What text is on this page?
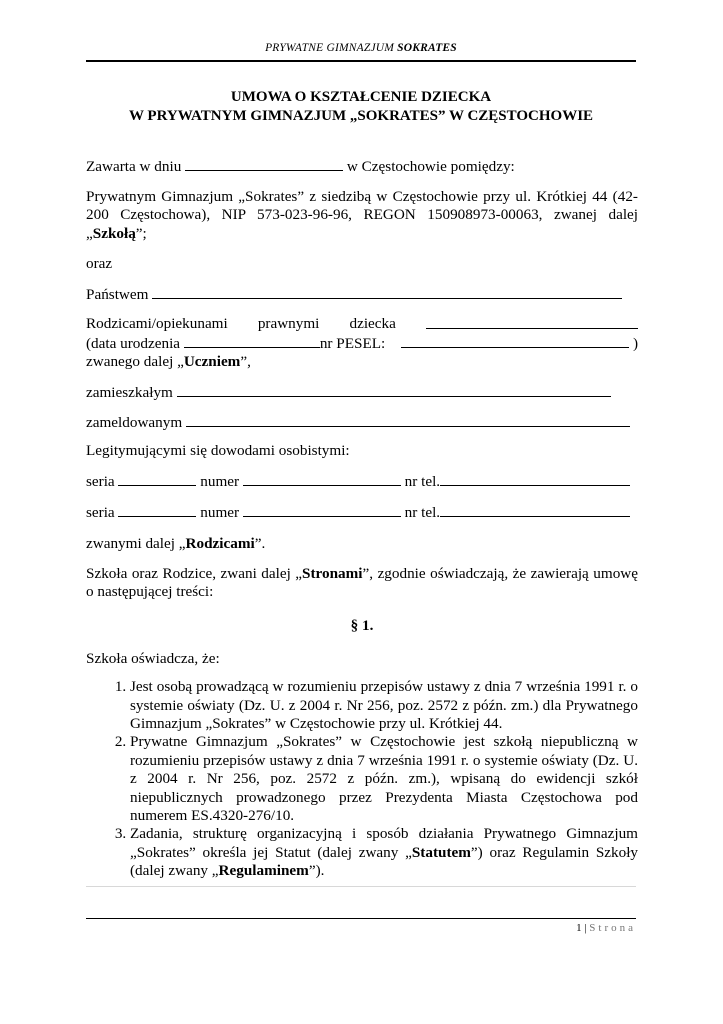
PRYWATNE GIMNAZJUM SOKRATES
UMOWA O KSZTAŁCENIE DZIECKA
W PRYWATNYM GIMNAZJUM „SOKRATES” W CZĘSTOCHOWIE

Zawarta w dniu	w Częstochowie pomiędzy:

Prywatnym Gimnazjum „Sokrates” z siedzibą w Częstochowie przy ul. Krótkiej 44 (42-200 Częstochowa), NIP 573-023-96-96, REGON 150908973-00063, zwanej dalej „Szkołą”;

oraz

Państwem

Rodzicami/opiekunami prawnymi dziecka
(data urodzenia	nr PESEL:	)
zwanego dalej „Uczniem”,

zamieszkałym

zameldowanym

Legitymującymi się dowodami osobistymi:

seria	numer	nr tel.

seria	numer	nr tel.

zwanymi dalej „Rodzicami”.

Szkoła oraz Rodzice, zwani dalej „Stronami”, zgodnie oświadczają, że zawierają umowę o następującej treści:

§ 1.

Szkoła oświadcza, że:

1. Jest osobą prowadzącą w rozumieniu przepisów ustawy z dnia 7 września 1991 r. o systemie oświaty (Dz. U. z 2004 r. Nr 256, poz. 2572 z późn. zm.) dla Prywatnego Gimnazjum „Sokrates” w Częstochowie przy ul. Krótkiej 44.
2. Prywatne Gimnazjum „Sokrates” w Częstochowie jest szkołą niepubliczną w rozumieniu przepisów ustawy z dnia 7 września 1991 r. o systemie oświaty (Dz. U. z 2004 r. Nr 256, poz. 2572 z późn. zm.), wpisaną do ewidencji szkół niepublicznych prowadzonego przez Prezydenta Miasta Częstochowa pod numerem ES.4320-276/10.
3. Zadania, strukturę organizacyjną i sposób działania Prywatnego Gimnazjum „Sokrates” określa jej Statut (dalej zwany „Statutem”) oraz Regulamin Szkoły (dalej zwany „Regulaminem”).
1 | Strona
